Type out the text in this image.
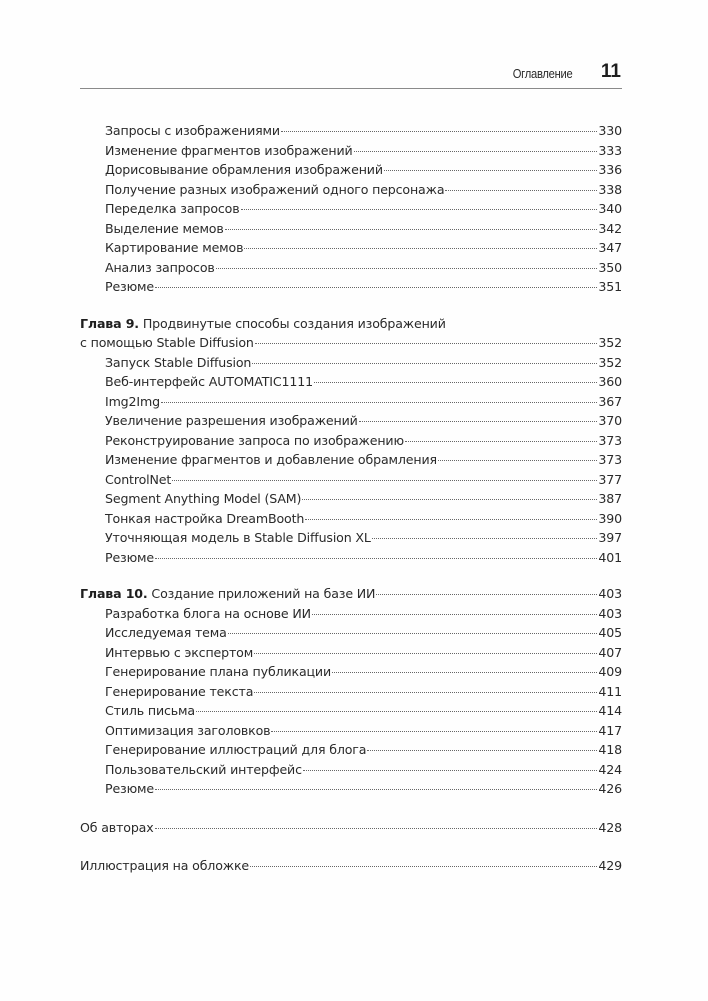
Оглавление 11
Запросы с изображениями	330
Изменение фрагментов изображений	333
Дорисовывание обрамления изображений	336
Получение разных изображений одного персонажа	338
Переделка запросов	340
Выделение мемов	342
Картирование мемов	347
Анализ запросов	350
Резюме	351
Глава 9. Продвинутые способы создания изображений
с помощью Stable Diffusion	352
Запуск Stable Diffusion	352
Веб-интерфейс AUTOMATIC1111	360
Img2Img	367
Увеличение разрешения изображений	370
Реконструирование запроса по изображению	373
Изменение фрагментов и добавление обрамления	373
ControlNet	377
Segment Anything Model (SAM)	387
Тонкая настройка DreamBooth	390
Уточняющая модель в Stable Diffusion XL	397
Резюме	401
Глава 10. Создание приложений на базе ИИ	403
Разработка блога на основе ИИ	403
Исследуемая тема	405
Интервью с экспертом	407
Генерирование плана публикации	409
Генерирование текста	411
Стиль письма	414
Оптимизация заголовков	417
Генерирование иллюстраций для блога	418
Пользовательский интерфейс	424
Резюме	426
Об авторах	428
Иллюстрация на обложке	429
